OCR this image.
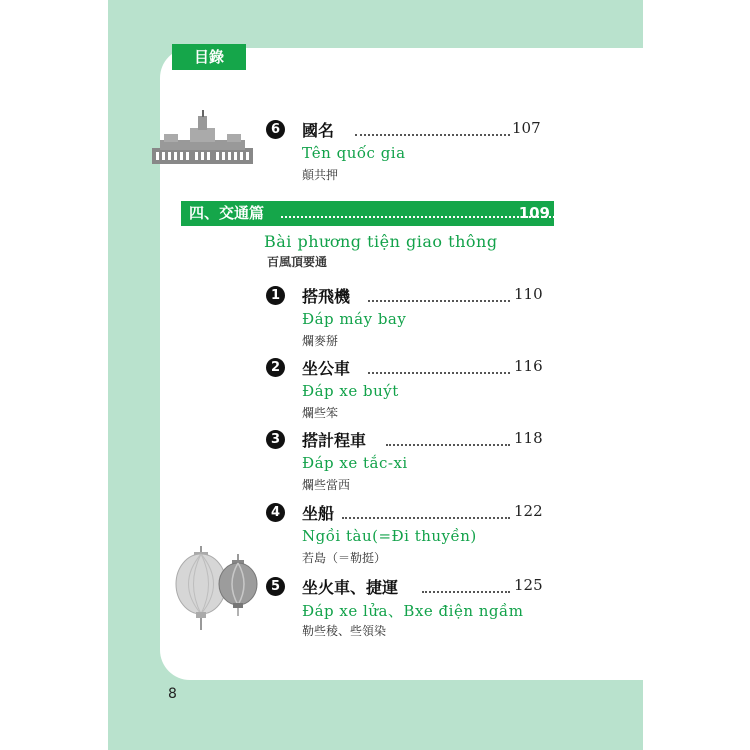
目錄
6	國名	107
Tên quốc gia
顛共押
四、交通篇	109
Bài phương tiện giao thông
百風頂要通
1	搭飛機	110
Đáp máy bay
爛麥掰
2	坐公車	116
Đáp xe buýt
爛些笨
3	搭計程車	118
Đáp xe tắc-xi
爛些當西
4	坐船	122
Ngồi tàu(=Đi thuyền)
若島（＝勒挺）
5	坐火車、捷運	125
Đáp xe lửa、Bxe điện ngầm
勒些稜、些領染
8
